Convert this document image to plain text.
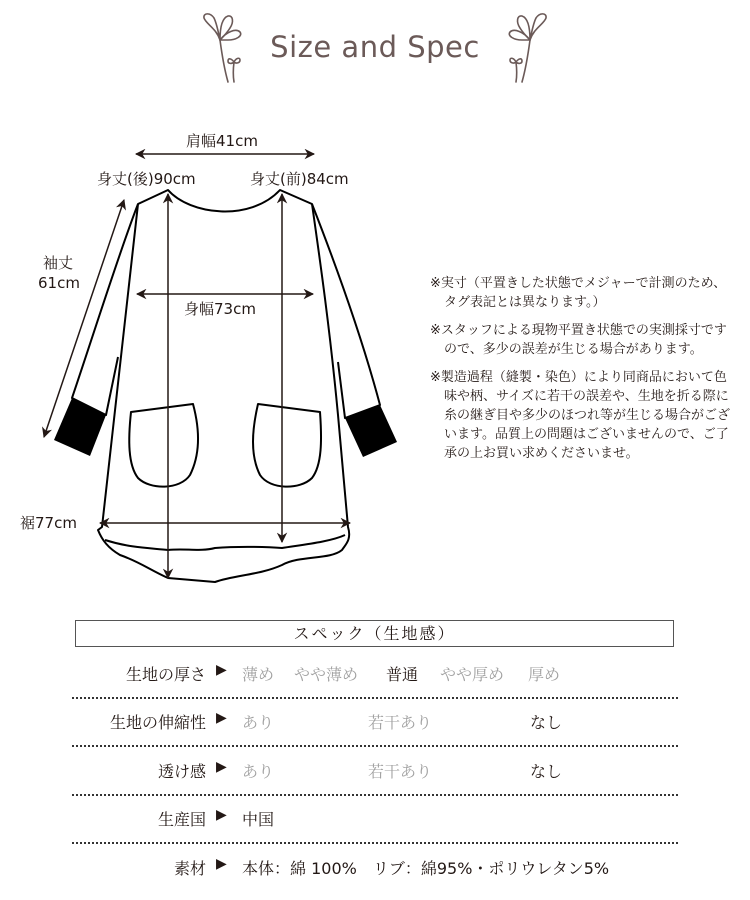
Size and Spec
肩幅41cm
身丈(後)90cm	身丈(前)84cm
袖丈
61cm
身幅73cm
裾77cm
※実寸（平置きした状態でメジャーで計測のため、タグ表記とは異なります。）
※スタッフによる現物平置き状態での実測採寸ですので、多少の誤差が生じる場合があります。
※製造過程（縫製・染色）により同商品において色味や柄、サイズに若干の誤差や、生地を折る際に糸の継ぎ目や多少のほつれ等が生じる場合がございます。品質上の問題はございませんので、ご了承の上お買い求めくださいませ。
スペック（生地感）
生地の厚さ ▶ 薄め やや薄め 普通 やや厚め 厚め
生地の伸縮性 ▶ あり	若干あり	なし
透け感 ▶ あり	若干あり	なし
生産国 ▶ 中国
素材 ▶ 本体：綿 100%　リブ：綿95%・ポリウレタン5%
